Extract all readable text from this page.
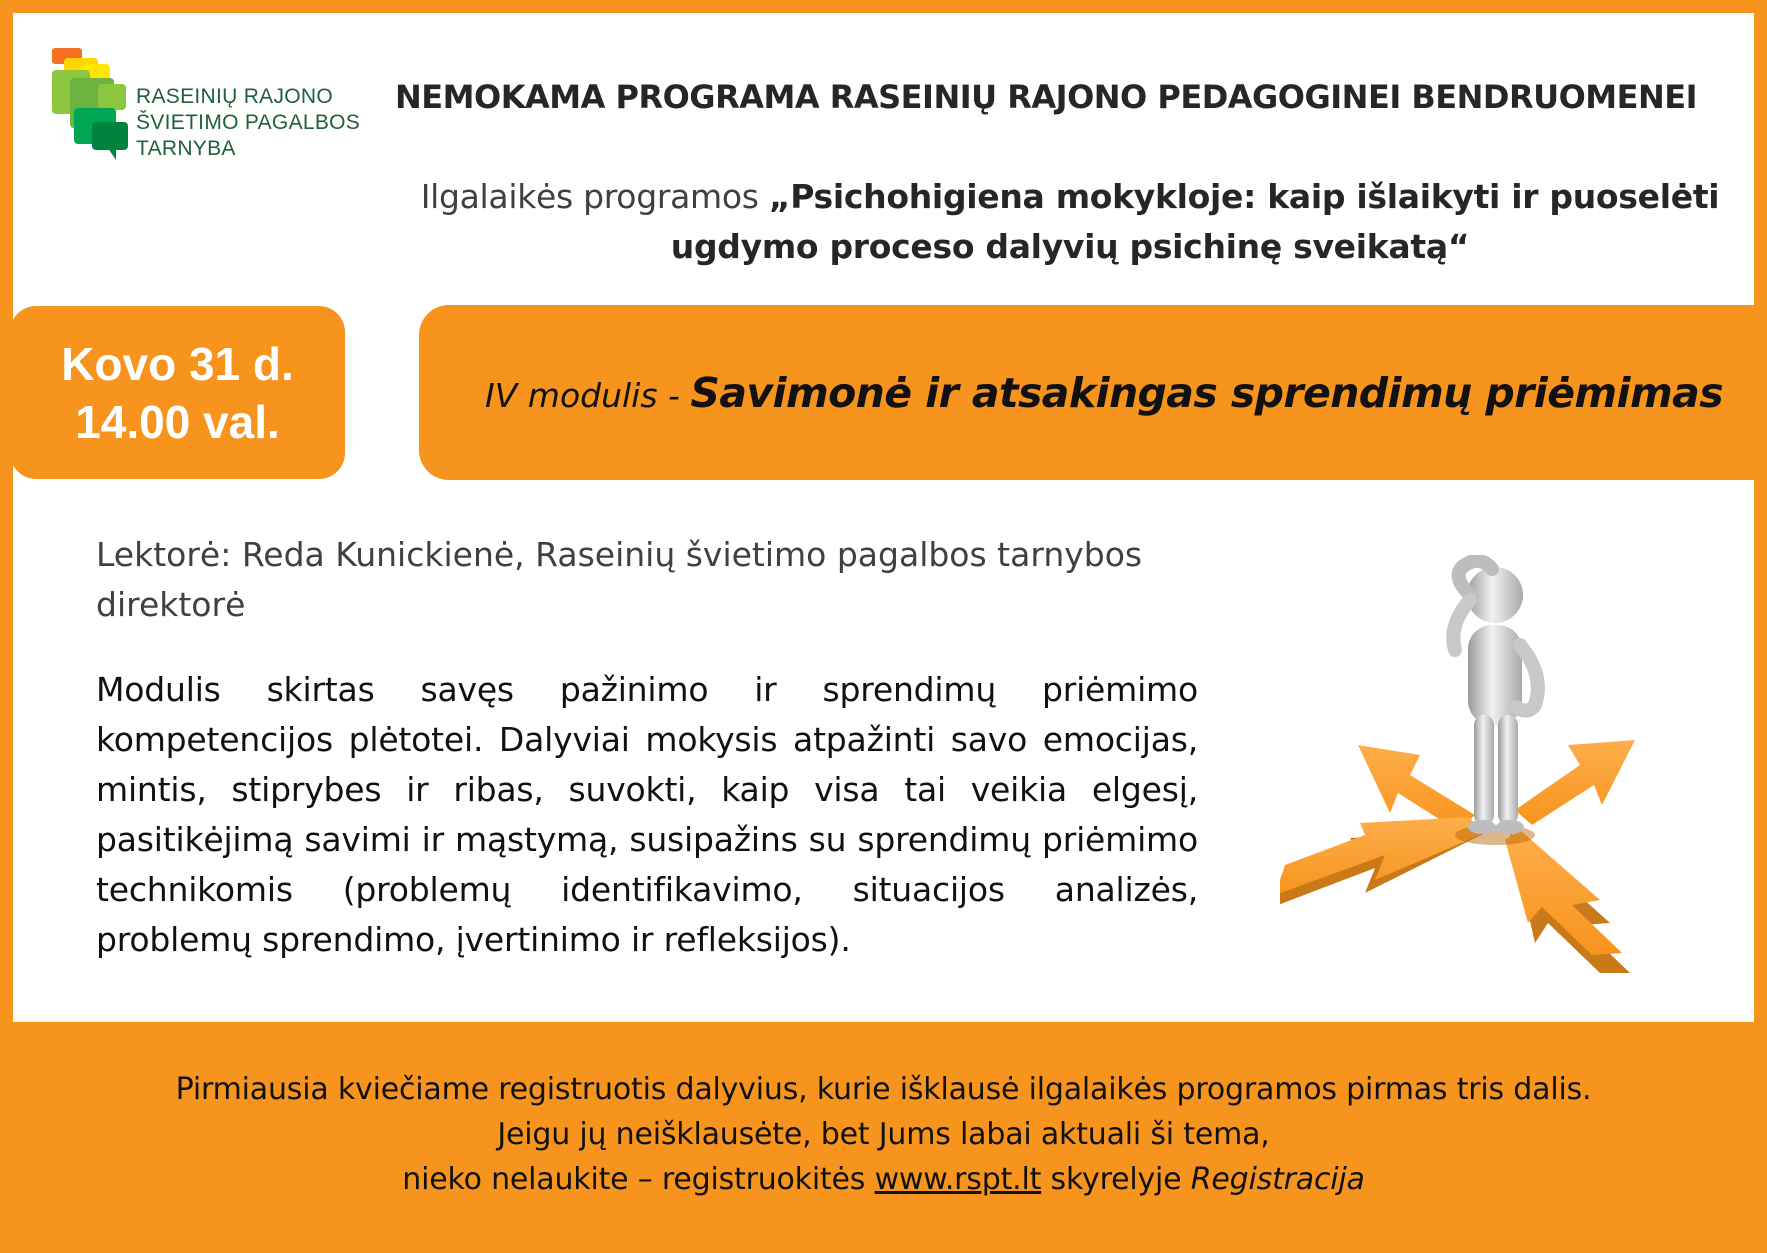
RASEINIŲ RAJONO
ŠVIETIMO PAGALBOS
TARNYBA
NEMOKAMA PROGRAMA RASEINIŲ RAJONO PEDAGOGINEI BENDRUOMENEI
Ilgalaikės programos „Psichohigiena mokykloje: kaip išlaikyti ir puoselėti
ugdymo proceso dalyvių psichinę sveikatą“
Kovo 31 d.
14.00 val.
IV modulis - Savimonė ir atsakingas sprendimų priėmimas
Lektorė: Reda Kunickienė, Raseinių švietimo pagalbos tarnybos direktorė
Modulis skirtas savęs pažinimo ir sprendimų priėmimo kompetencijos plėtotei. Dalyviai mokysis atpažinti savo emocijas, mintis, stiprybes ir ribas, suvokti, kaip visa tai veikia elgesį, pasitikėjimą savimi ir mąstymą, susipažins su sprendimų priėmimo technikomis (problemų identifikavimo, situacijos analizės, problemų sprendimo, įvertinimo ir refleksijos).
Pirmiausia kviečiame registruotis dalyvius, kurie išklausė ilgalaikės programos pirmas tris dalis.
Jeigu jų neišklausėte, bet Jums labai aktuali ši tema,
nieko nelaukite – registruokitės www.rspt.lt skyrelyje Registracija
